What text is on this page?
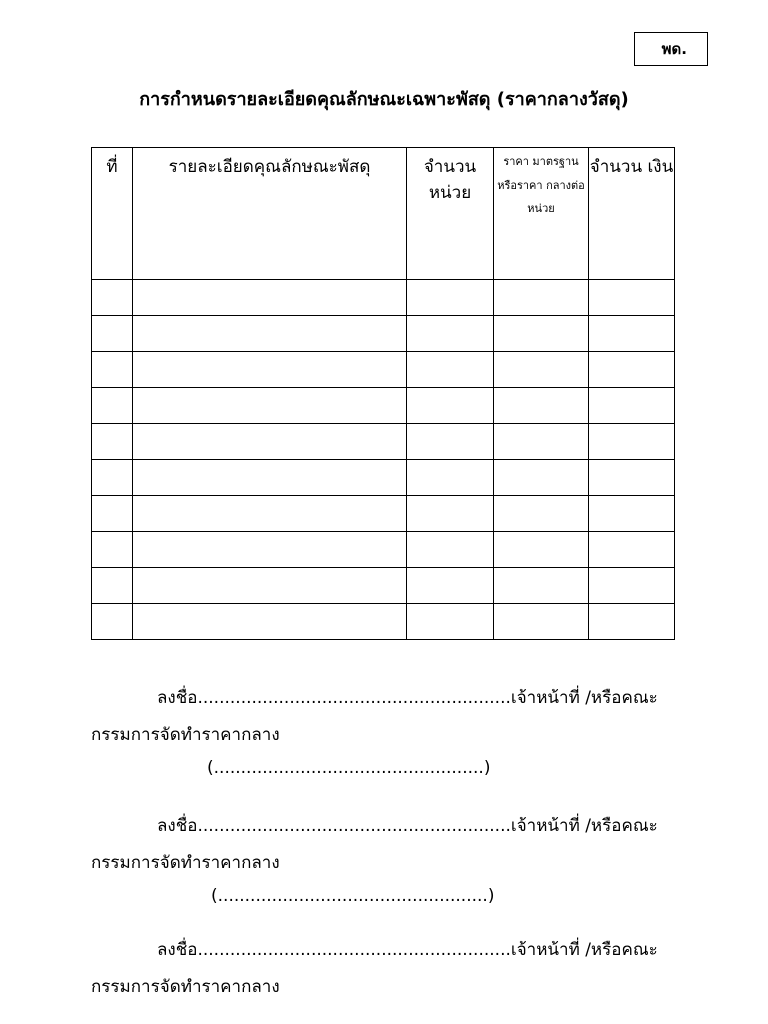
พด.
การกำหนดรายละเอียดคุณลักษณะเฉพาะพัสดุ (ราคากลางวัสดุ)
ที่	รายละเอียดคุณลักษณะพัสดุ	จำนวน หน่วย	ราคา มาตรฐาน หรือราคา กลางต่อ หน่วย	จำนวน เงิน

ลงชื่อ..........................................................เจ้าหน้าที่ /หรือคณะ
กรรมการจัดทำราคากลาง
(..................................................)
ลงชื่อ..........................................................เจ้าหน้าที่ /หรือคณะ
กรรมการจัดทำราคากลาง
(..................................................)
ลงชื่อ..........................................................เจ้าหน้าที่ /หรือคณะ
กรรมการจัดทำราคากลาง
